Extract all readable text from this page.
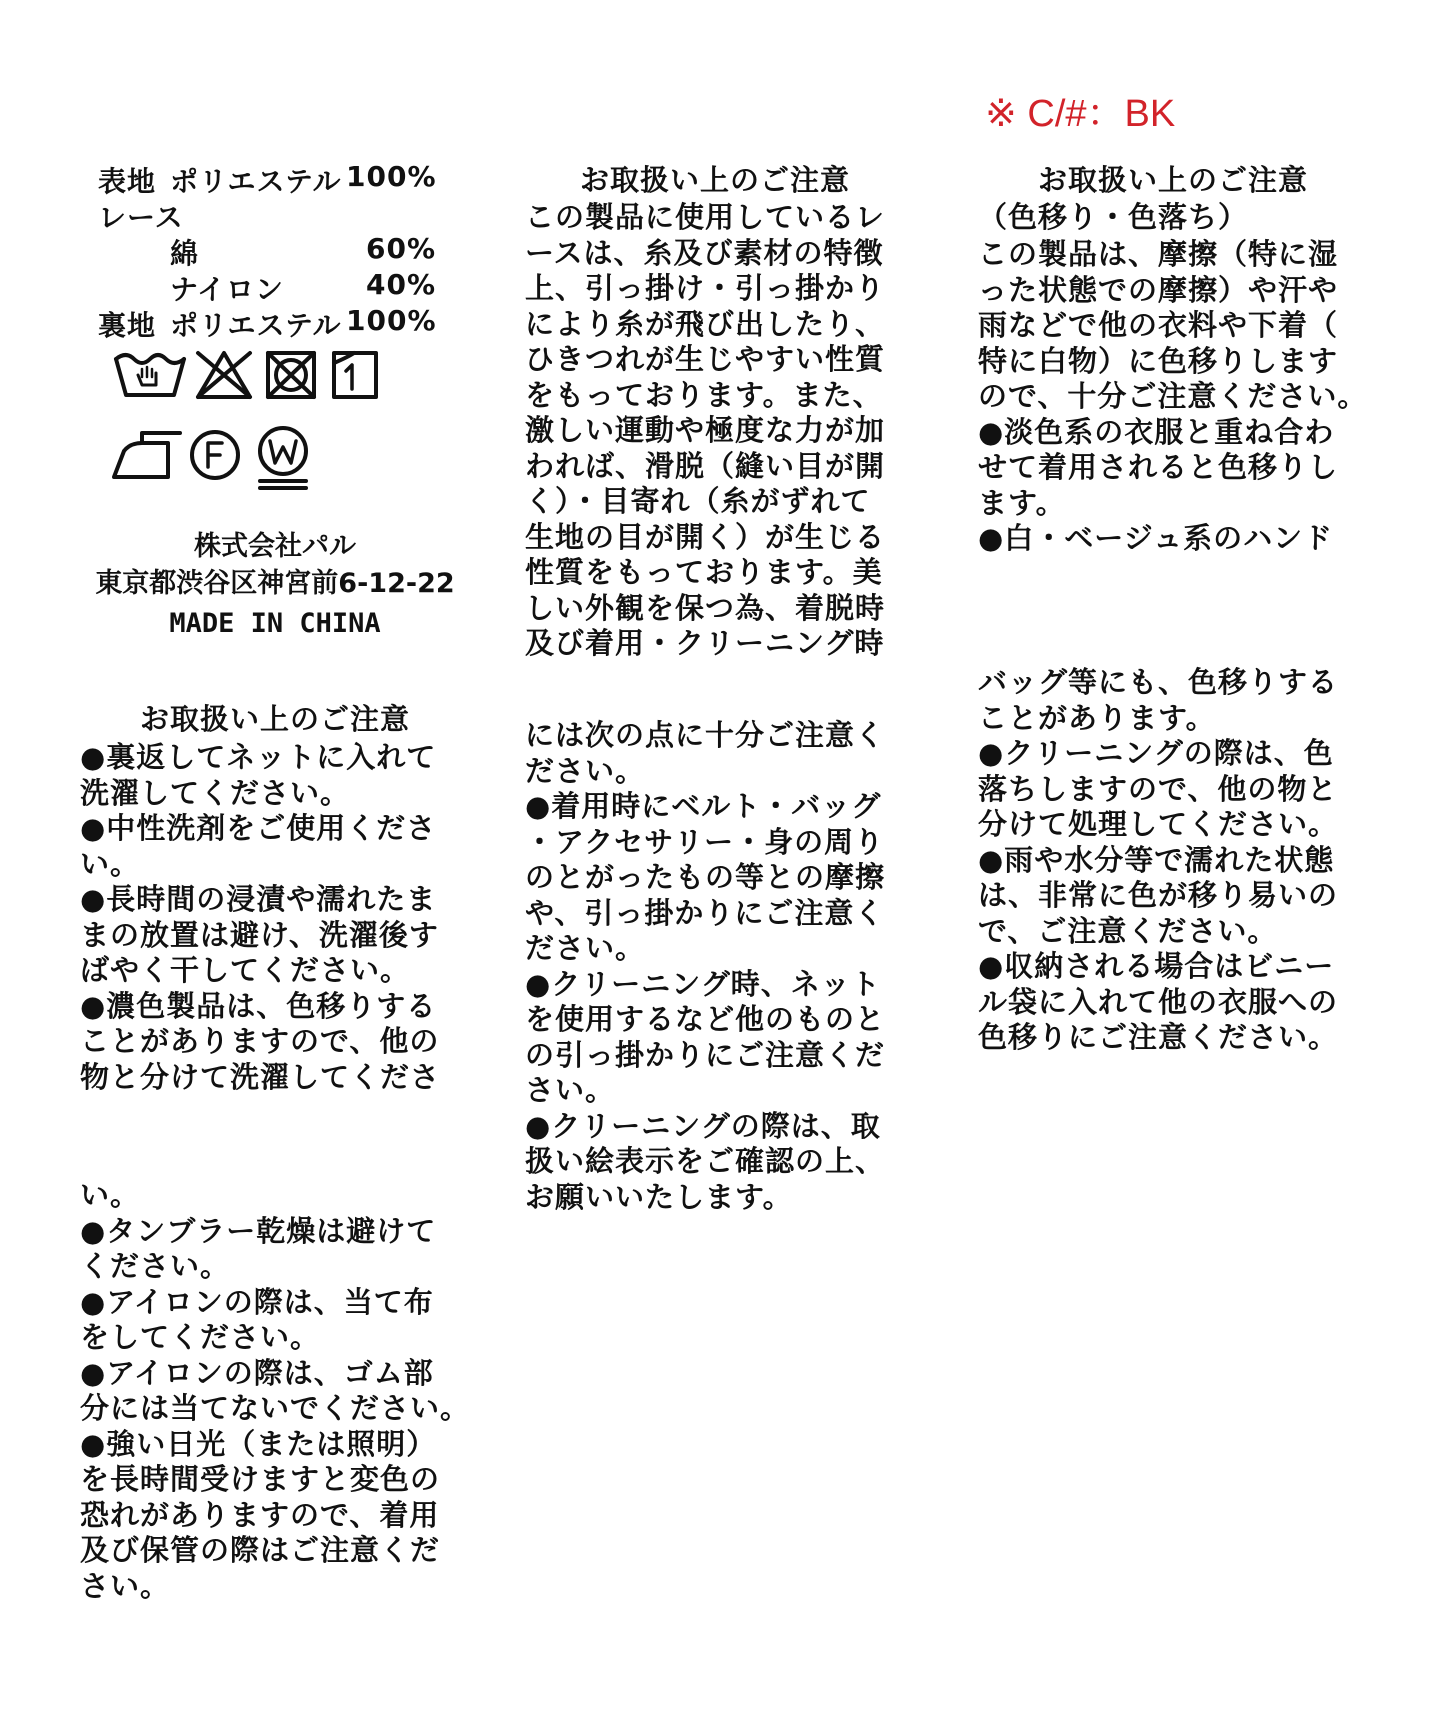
※ C/#：BK

表地

ポリエステル

100%

レース

綿

	60%

ナイロン

	40%

裏地

ポリエステル

100%

株式会社パル
東京都渋谷区神宮前6-12-22
MADE IN CHINA
お取扱い上のご注意
●裏返してネットに入れて
洗濯してください。
●中性洗剤をご使用くださ
い。
●長時間の浸漬や濡れたま
まの放置は避け、洗濯後す
ばやく干してください。
●濃色製品は、色移りする
ことがありますので、他の
物と分けて洗濯してくださ
い。
●タンブラー乾燥は避けて
ください。
●アイロンの際は、当て布
をしてください。
●アイロンの際は、ゴム部
分には当てないでください。
●強い日光（または照明）
を長時間受けますと変色の
恐れがありますので、着用
及び保管の際はご注意くだ
さい。
お取扱い上のご注意
この製品に使用しているレ
ースは、糸及び素材の特徴
上、引っ掛け・引っ掛かり
により糸が飛び出したり、
ひきつれが生じやすい性質
をもっております。また、
激しい運動や極度な力が加
われば、滑脱（縫い目が開
く）・目寄れ（糸がずれて
生地の目が開く）が生じる
性質をもっております。美
しい外観を保つ為、着脱時
及び着用・クリーニング時
には次の点に十分ご注意く
ださい。
●着用時にベルト・バッグ
・アクセサリー・身の周り
のとがったもの等との摩擦
や、引っ掛かりにご注意く
ださい。
●クリーニング時、ネット
を使用するなど他のものと
の引っ掛かりにご注意くだ
さい。
●クリーニングの際は、取
扱い絵表示をご確認の上、
お願いいたします。
お取扱い上のご注意
（色移り・色落ち）
この製品は、摩擦（特に湿
った状態での摩擦）や汗や
雨などで他の衣料や下着（
特に白物）に色移りします
ので、十分ご注意ください。
●淡色系の衣服と重ね合わ
せて着用されると色移りし
ます。
●白・ベージュ系のハンド
バッグ等にも、色移りする
ことがあります。
●クリーニングの際は、色
落ちしますので、他の物と
分けて処理してください。
●雨や水分等で濡れた状態
は、非常に色が移り易いの
で、ご注意ください。
●収納される場合はビニー
ル袋に入れて他の衣服への
色移りにご注意ください。
